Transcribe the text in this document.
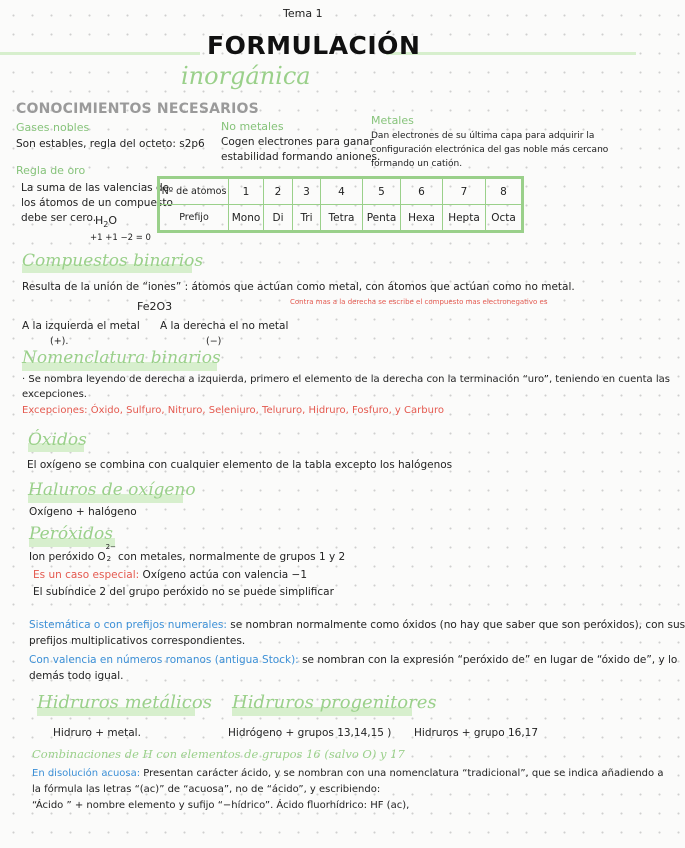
Tema 1
FORMULACIÓN
inorgánica
CONOCIMIENTOS NECESARIOS
Gases nobles
Son estables, regla del octeto: s2p6
No metales
Cogen electrones para ganar
estabilidad formando aniones.
Metales
Dan electrones de su última capa para adquirir la
configuración electrónica del gas noble más cercano
formando un catión.
Regla de oro
La suma de las valencias de
los átomos de un compuesto
debe ser cero.
$H_2O$
+1 +1 −2 = 0
Nº de atomos	1	2	3	4	5	6	7	8
Prefijo	Mono	Di	Tri	Tetra	Penta	Hexa	Hepta	Octa
Compuestos binarios
Resulta de la unión de “iones” : átomos que actúan como metal, con átomos que actúan como no metal.
Contra mas a la derecha se escribe el compuesto mas electronegativo es
Fe2O3
A la izquierda el metal
(+).
A la derecha el no metal
(−)
Nomenclatura binarios
· Se nombra leyendo de derecha a izquierda, primero el elemento de la derecha con la terminación “uro”, teniendo en cuenta las
excepciones.
Excepciones: Óxido, Sulfuro, Nitruro, Seleniuro, Telururo, Hidruro, Fosfuro, y Carburo
Óxidos
El oxígeno se combina con cualquier elemento de la tabla excepto los halógenos
Haluros de oxígeno
Oxígeno + halógeno
Peróxidos
Ion peróxido O
2−
2 con metales, normalmente de grupos 1 y 2
Es un caso especial: Oxígeno actúa con valencia −1
El subíndice 2 del grupo peróxido no se puede simplificar
Sistemática o con prefijos numerales: se nombran normalmente como óxidos (no hay que saber que son peróxidos), con sus
prefijos multiplicativos correspondientes.
Con valencia en números romanos (antigua Stock): se nombran con la expresión “peróxido de” en lugar de “óxido de”, y lo
demás todo igual.
Hidruros metálicos Hidruros progenitores
Hidruro + metal.	Hidrógeno + grupos 13,14,15 ) Hidruros + grupo 16,17
Combinaciones de H con elementos de grupos 16 (salvo O) y 17
En disolución acuosa: Presentan carácter ácido, y se nombran con una nomenclatura “tradicional”, que se indica añadiendo a
la fórmula las letras “(ac)” de “acuosa”, no de “ácido”, y escribiendo:
“Ácido ” + nombre elemento y sufijo “−hídrico”. Ácido fluorhídrico: HF (ac),
